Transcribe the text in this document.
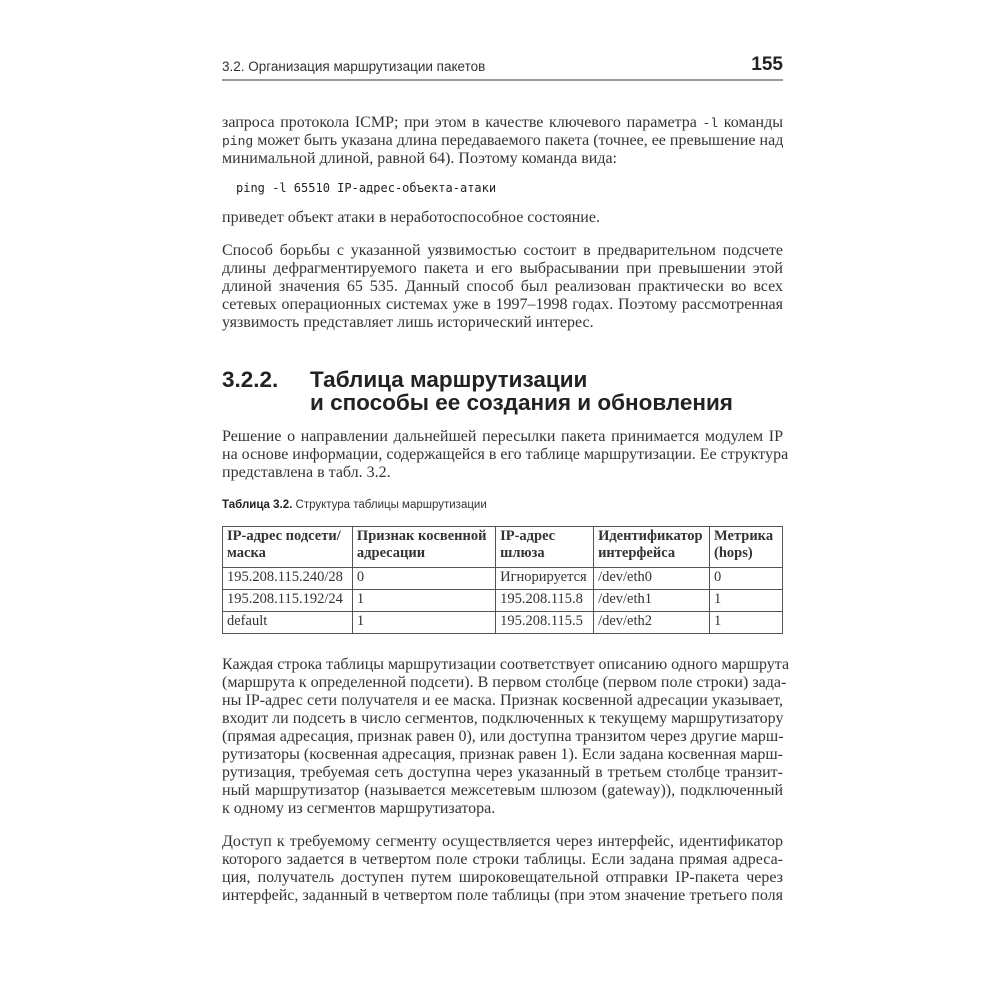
3.2. Организация маршрутизации пакетов	155
запроса протокола ICMP; при этом в качестве ключевого параметра -l команды
ping может быть указана длина передаваемого пакета (точнее, ее превышение над
минимальной длиной, равной 64). Поэтому команда вида:
ping -l 65510 IP-адрес-объекта-атаки
приведет объект атаки в неработоспособное состояние.
Способ борьбы с указанной уязвимостью состоит в предварительном подсчете
длины дефрагментируемого пакета и его выбрасывании при превышении этой
длиной значения 65 535. Данный способ был реализован практически во всех
сетевых операционных системах уже в 1997–1998 годах. Поэтому рассмотренная
уязвимость представляет лишь исторический интерес.
3.2.2. Таблица маршрутизации
и способы ее создания и обновления
Решение о направлении дальнейшей пересылки пакета принимается модулем IP
на основе информации, содержащейся в его таблице маршрутизации. Ее структура
представлена в табл. 3.2.
Таблица 3.2. Структура таблицы маршрутизации
IP-адрес подсети/ маска	Признак косвенной адресации	IP-адрес шлюза	Идентификатор интерфейса	Метрика (hops)
195.208.115.240/28	0	Игнорируется	/dev/eth0	0
195.208.115.192/24	1	195.208.115.8	/dev/eth1	1
default	1	195.208.115.5	/dev/eth2	1
Каждая строка таблицы маршрутизации соответствует описанию одного маршрута
(маршрута к определенной подсети). В первом столбце (первом поле строки) зада-
ны IP-адрес сети получателя и ее маска. Признак косвенной адресации указывает,
входит ли подсеть в число сегментов, подключенных к текущему маршрутизатору
(прямая адресация, признак равен 0), или доступна транзитом через другие марш-
рутизаторы (косвенная адресация, признак равен 1). Если задана косвенная марш-
рутизация, требуемая сеть доступна через указанный в третьем столбце транзит-
ный маршрутизатор (называется межсетевым шлюзом (gateway)), подключенный
к одному из сегментов маршрутизатора.
Доступ к требуемому сегменту осуществляется через интерфейс, идентификатор
которого задается в четвертом поле строки таблицы. Если задана прямая адреса-
ция, получатель доступен путем широковещательной отправки IP-пакета через
интерфейс, заданный в четвертом поле таблицы (при этом значение третьего поля
